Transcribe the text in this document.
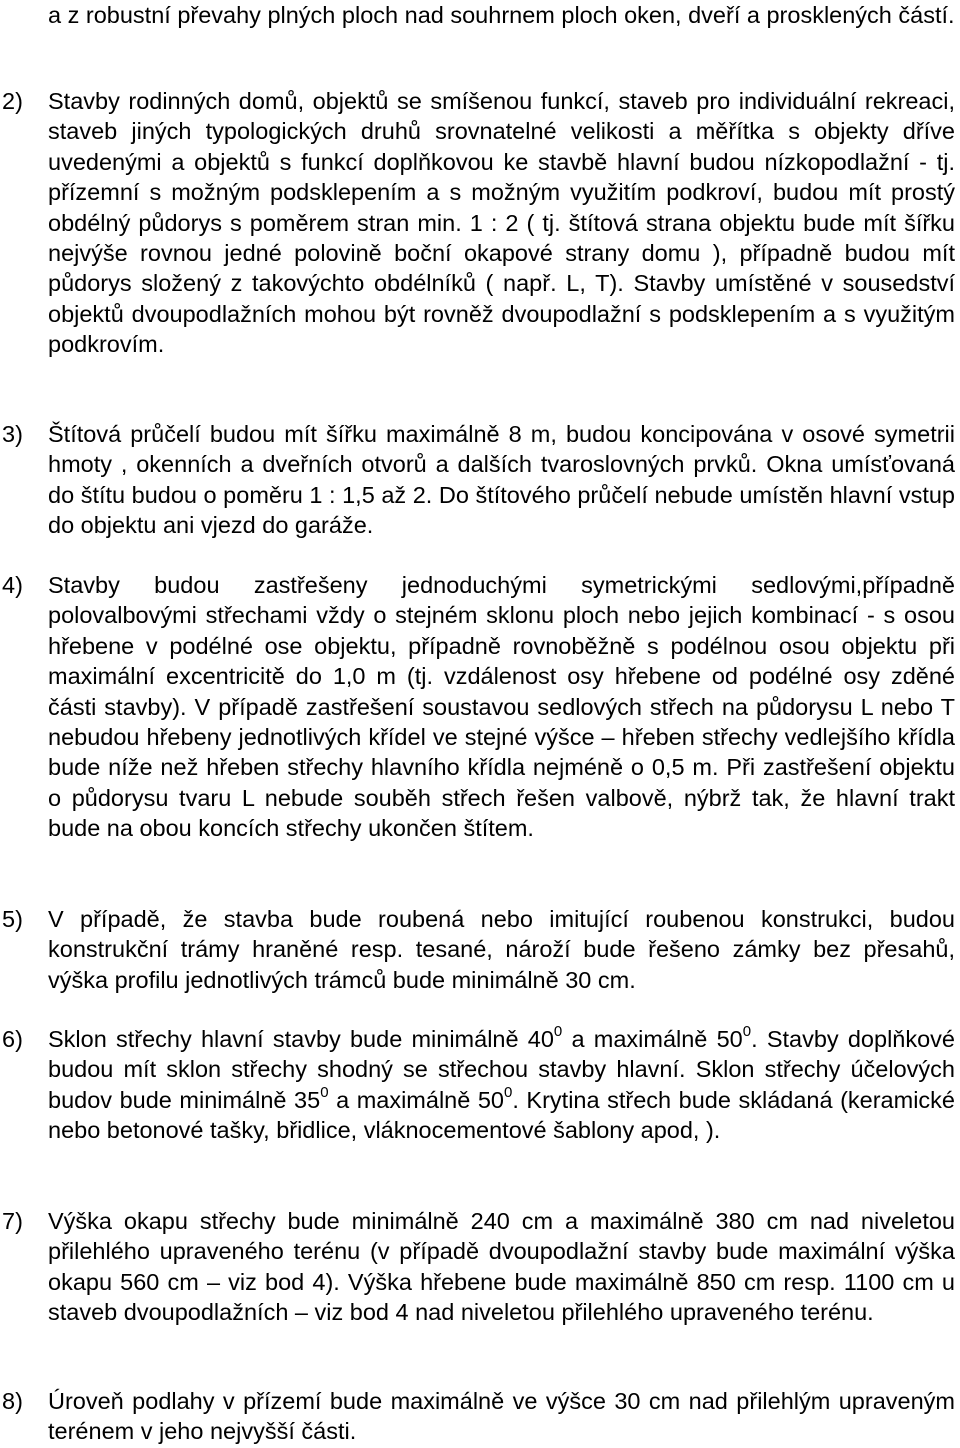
a z robustní převahy plných ploch nad souhrnem ploch oken, dveří a prosklených částí.
2) Stavby rodinných domů, objektů se smíšenou funkcí, staveb pro individuální rekreaci, staveb jiných typologických druhů srovnatelné velikosti a měřítka s objekty dříve uvedenými a objektů s funkcí doplňkovou ke stavbě hlavní budou nízkopodlažní - tj. přízemní s možným podsklepením a s možným využitím podkroví, budou mít prostý obdélný půdorys s poměrem stran min. 1 : 2 ( tj. štítová strana objektu bude mít šířku nejvýše rovnou jedné polovině boční okapové strany domu ), případně budou mít půdorys složený z takovýchto obdélníků ( např. L, T). Stavby umístěné v sousedství objektů dvoupodlažních mohou být rovněž dvoupodlažní s podsklepením a s využitým podkrovím.
3) Štítová průčelí budou mít šířku maximálně 8 m, budou koncipována v osové symetrii hmoty , okenních a dveřních otvorů a dalších tvaroslovných prvků. Okna umísťovaná do štítu budou o poměru 1 : 1,5 až 2. Do štítového průčelí nebude umístěn hlavní vstup do objektu ani vjezd do garáže.
4) Stavby budou zastřešeny jednoduchými symetrickými sedlovými,případně polovalbovými střechami vždy o stejném sklonu ploch nebo jejich kombinací - s osou hřebene v podélné ose objektu, případně rovnoběžně s podélnou osou objektu při maximální excentricitě do 1,0 m (tj. vzdálenost osy hřebene od podélné osy zděné části stavby). V případě zastřešení soustavou sedlových střech na půdorysu L nebo T nebudou hřebeny jednotlivých křídel ve stejné výšce – hřeben střechy vedlejšího křídla bude níže než hřeben střechy hlavního křídla nejméně o 0,5 m. Při zastřešení objektu o půdorysu tvaru L nebude souběh střech řešen valbově, nýbrž tak, že hlavní trakt bude na obou koncích střechy ukončen štítem.
5) V případě, že stavba bude roubená nebo imitující roubenou konstrukci, budou konstrukční trámy hraněné resp. tesané, nároží bude řešeno zámky bez přesahů, výška profilu jednotlivých trámců bude minimálně 30 cm.
6) Sklon střechy hlavní stavby bude minimálně $40^0$ a maximálně $50^0$. Stavby doplňkové budou mít sklon střechy shodný se střechou stavby hlavní. Sklon střechy účelových budov bude minimálně $35^0$ a maximálně $50^0$. Krytina střech bude skládaná (keramické nebo betonové tašky, břidlice, vláknocementové šablony apod, ).
7) Výška okapu střechy bude minimálně 240 cm a maximálně 380 cm nad niveletou přilehlého upraveného terénu (v případě dvoupodlažní stavby bude maximální výška okapu 560 cm – viz bod 4). Výška hřebene bude maximálně 850 cm resp. 1100 cm u staveb dvoupodlažních – viz bod 4 nad niveletou přilehlého upraveného terénu.
8) Úroveň podlahy v přízemí bude maximálně ve výšce 30 cm nad přilehlým upraveným terénem v jeho nejvyšší části.
